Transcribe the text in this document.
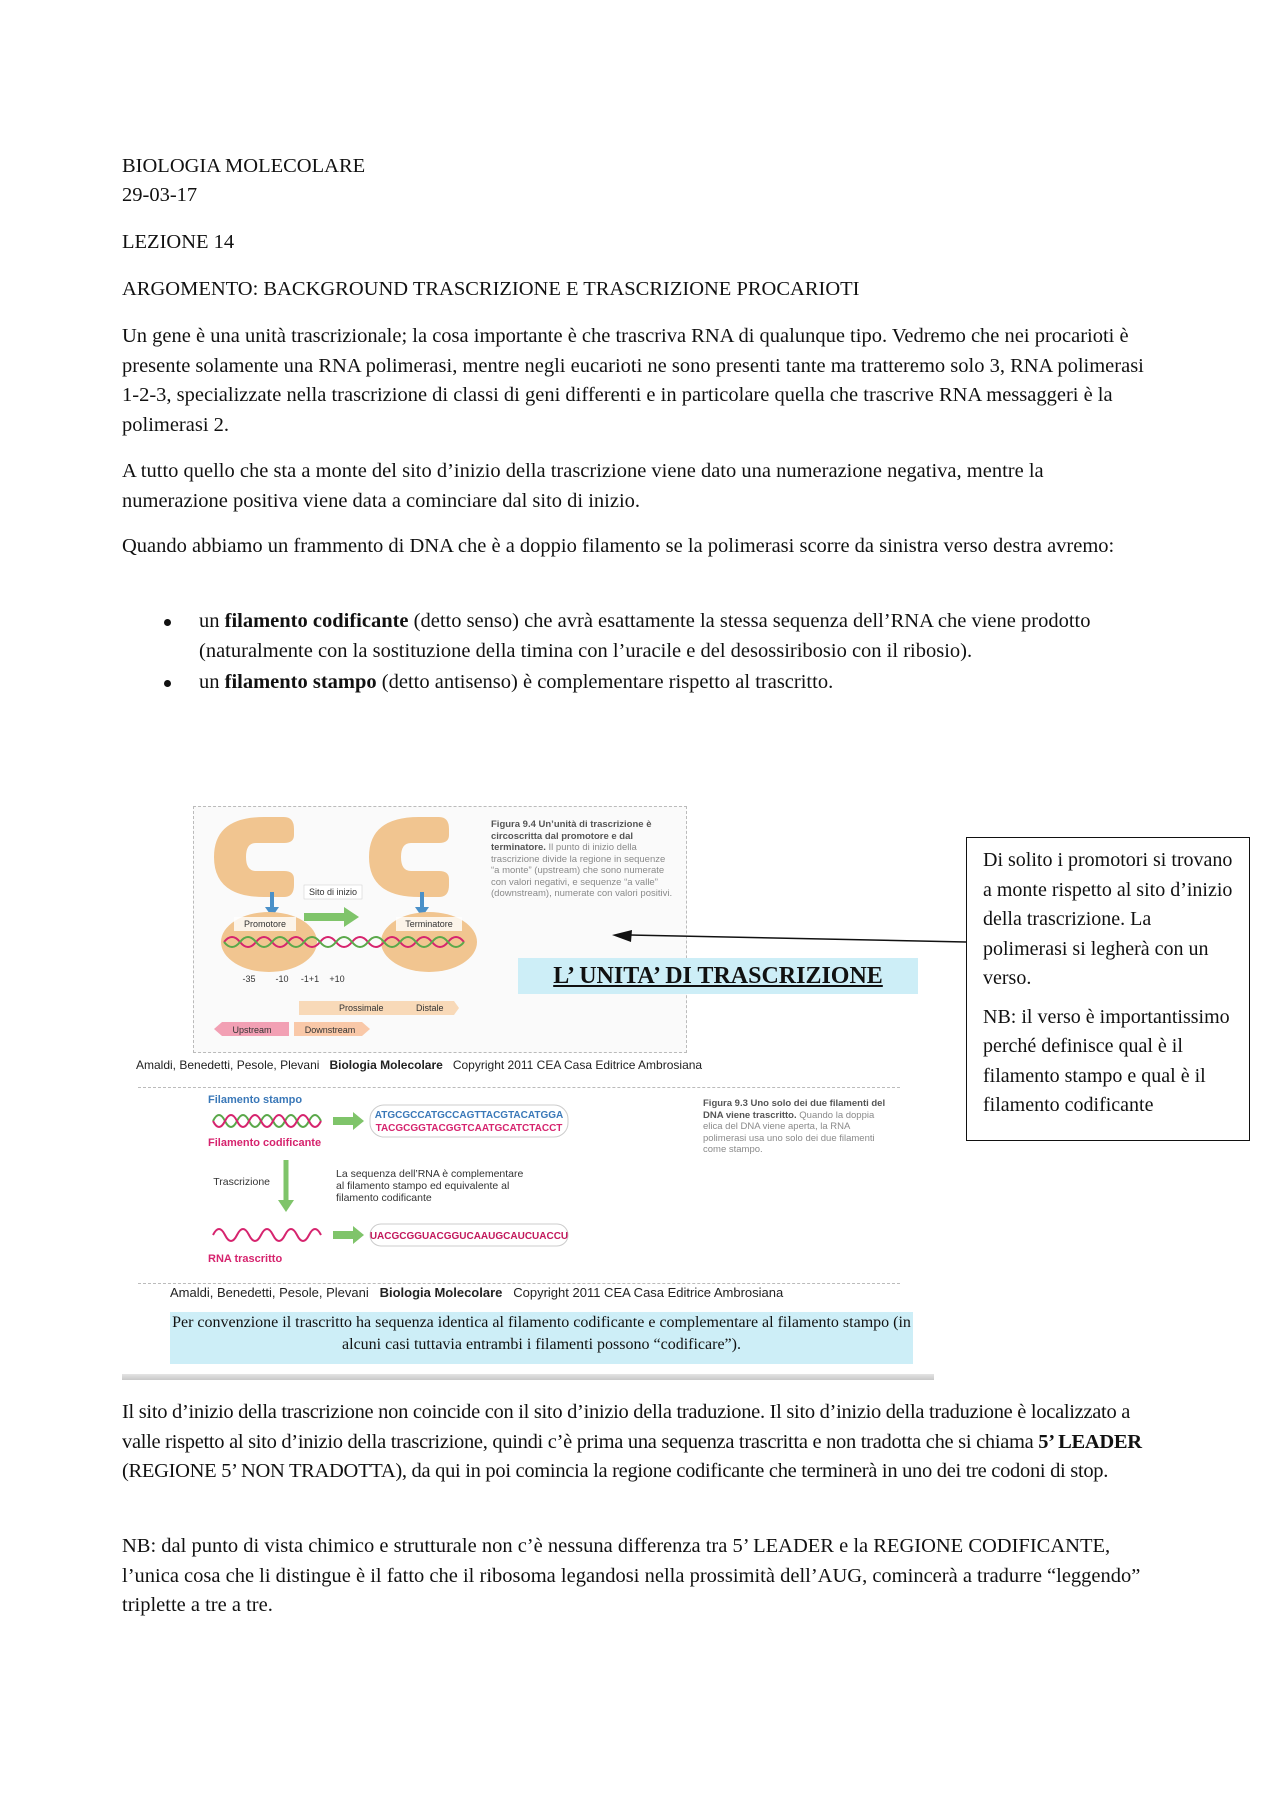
BIOLOGIA MOLECOLARE

29-03-17

LEZIONE 14

ARGOMENTO: BACKGROUND TRASCRIZIONE E TRASCRIZIONE PROCARIOTI

Un gene è una unità trascrizionale; la cosa importante è che trascriva RNA di qualunque tipo. Vedremo che nei procarioti è presente solamente una RNA polimerasi, mentre negli eucarioti ne sono presenti tante ma tratteremo solo 3, RNA polimerasi 1-2-3, specializzate nella trascrizione di classi di geni differenti e in particolare quella che trascrive RNA messaggeri è la polimerasi 2.

A tutto quello che sta a monte del sito d’inizio della trascrizione viene dato una numerazione negativa, mentre la numerazione positiva viene data a cominciare dal sito di inizio.

Quando abbiamo un frammento di DNA che è a doppio filamento se la polimerasi scorre da sinistra verso destra avremo:

un filamento codificante (detto senso) che avrà esattamente la stessa sequenza dell’RNA che viene prodotto (naturalmente con la sostituzione della timina con l’uracile e del desossiribosio con il ribosio).
un filamento stampo (detto antisenso) è complementare rispetto al trascritto.
Sito di inizio
Promotore	Terminatore
-35 -10 -1+1 +10
Prossimale	Distale
Upstream	Downstream
Figura 9.4 Un’unità di trascrizione è circoscritta dal promotore e dal terminatore. Il punto di inizio della trascrizione divide la regione in sequenze “a monte” (upstream) che sono numerate con valori negativi, e sequenze “a valle” (downstream), numerate con valori positivi.
L’ UNITA’ DI TRASCRIZIONE
Amaldi, Benedetti, Pesole, Plevani Biologia Molecolare Copyright 2011 CEA Casa Editrice Ambrosiana

Di solito i promotori si trovano a monte rispetto al sito d’inizio della trascrizione. La polimerasi si legherà con un verso.

NB: il verso è importantissimo perché definisce qual è il filamento stampo e qual è il filamento codificante

Filamento stampo
Filamento codificante
ATGCGCCATGCCAGTTACGTACATGGA
TACGCGGTACGGTCAATGCATCTACCT
Trascrizione
UACGCGGUACGGUCAAUGCAUCUACCU
RNA trascritto
La sequenza dell’RNA è complementare al filamento stampo ed equivalente al filamento codificante
Figura 9.3 Uno solo dei due filamenti del DNA viene trascritto. Quando la doppia elica del DNA viene aperta, la RNA polimerasi usa uno solo dei due filamenti come stampo.
Amaldi, Benedetti, Pesole, Plevani Biologia Molecolare Copyright 2011 CEA Casa Editrice Ambrosiana
Per convenzione il trascritto ha sequenza identica al filamento codificante e complementare al filamento stampo (in alcuni casi tuttavia entrambi i filamenti possono “codificare”).

Il sito d’inizio della trascrizione non coincide con il sito d’inizio della traduzione. Il sito d’inizio della traduzione è localizzato a valle rispetto al sito d’inizio della trascrizione, quindi c’è prima una sequenza trascritta e non tradotta che si chiama 5’ LEADER (REGIONE 5’ NON TRADOTTA), da qui in poi comincia la regione codificante che terminerà in uno dei tre codoni di stop.

NB: dal punto di vista chimico e strutturale non c’è nessuna differenza tra 5’ LEADER e la REGIONE CODIFICANTE, l’unica cosa che li distingue è il fatto che il ribosoma legandosi nella prossimità dell’AUG, comincerà a tradurre “leggendo” triplette a tre a tre.
